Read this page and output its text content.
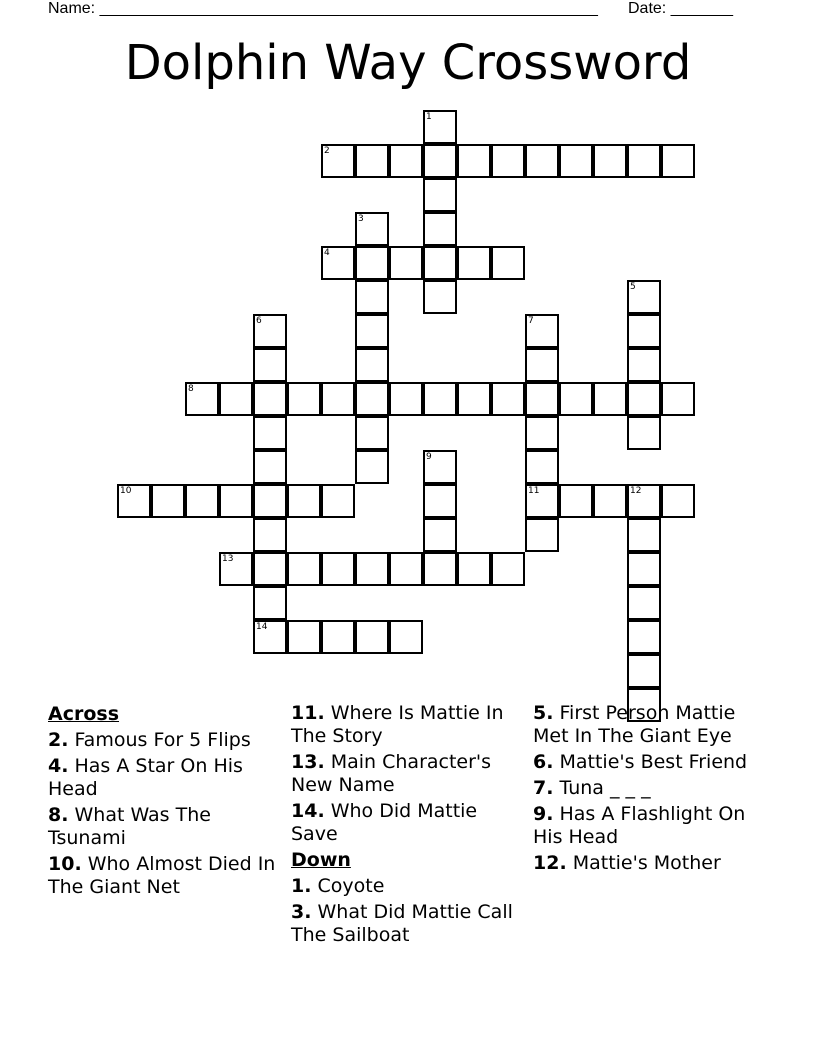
Name: ________________________________________________________ Date: _______
Dolphin Way Crossword
1
2
3
4
5
6
14
7
11
8
9
10	12
13
Across
2. Famous For 5 Flips
4. Has A Star On His Head
8. What Was The Tsunami
10. Who Almost Died In The Giant Net
11. Where Is Mattie In The Story
13. Main Character's New Name
14. Who Did Mattie Save
Down
1. Coyote
3. What Did Mattie Call The Sailboat
5. First Person Mattie Met In The Giant Eye
6. Mattie's Best Friend
7. Tuna _ _ _
9. Has A Flashlight On His Head
12. Mattie's Mother
